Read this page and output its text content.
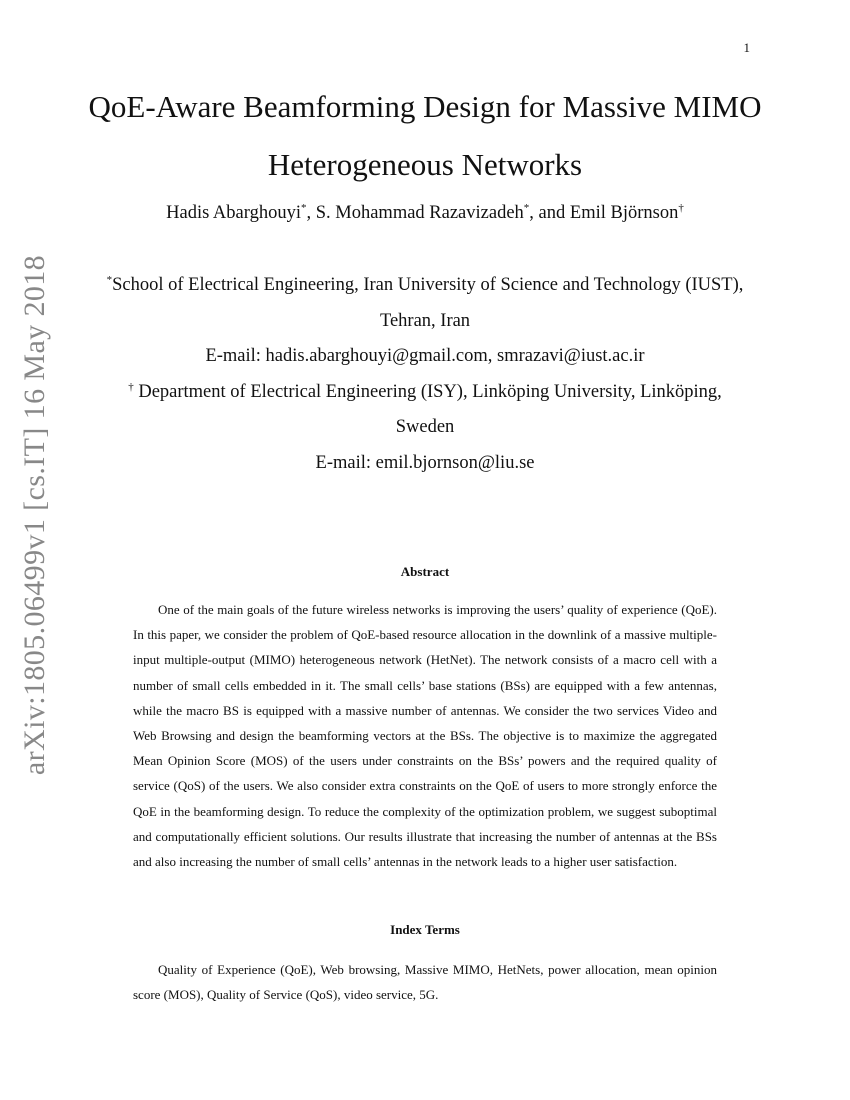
1
arXiv:1805.06499v1 [cs.IT] 16 May 2018
QoE-Aware Beamforming Design for Massive MIMO Heterogeneous Networks
Hadis Abarghouyi*, S. Mohammad Razavizadeh*, and Emil Björnson†
*School of Electrical Engineering, Iran University of Science and Technology (IUST), Tehran, Iran
E-mail: hadis.abarghouyi@gmail.com, smrazavi@iust.ac.ir
† Department of Electrical Engineering (ISY), Linköping University, Linköping, Sweden
E-mail: emil.bjornson@liu.se
Abstract

One of the main goals of the future wireless networks is improving the users’ quality of experience (QoE). In this paper, we consider the problem of QoE-based resource allocation in the downlink of a massive multiple-input multiple-output (MIMO) heterogeneous network (HetNet). The network consists of a macro cell with a number of small cells embedded in it. The small cells’ base stations (BSs) are equipped with a few antennas, while the macro BS is equipped with a massive number of antennas. We consider the two services Video and Web Browsing and design the beamforming vectors at the BSs. The objective is to maximize the aggregated Mean Opinion Score (MOS) of the users under constraints on the BSs’ powers and the required quality of service (QoS) of the users. We also consider extra constraints on the QoE of users to more strongly enforce the QoE in the beamforming design. To reduce the complexity of the optimization problem, we suggest suboptimal and computationally efficient solutions. Our results illustrate that increasing the number of antennas at the BSs and also increasing the number of small cells’ antennas in the network leads to a higher user satisfaction.

Index Terms

Quality of Experience (QoE), Web browsing, Massive MIMO, HetNets, power allocation, mean opinion score (MOS), Quality of Service (QoS), video service, 5G.
